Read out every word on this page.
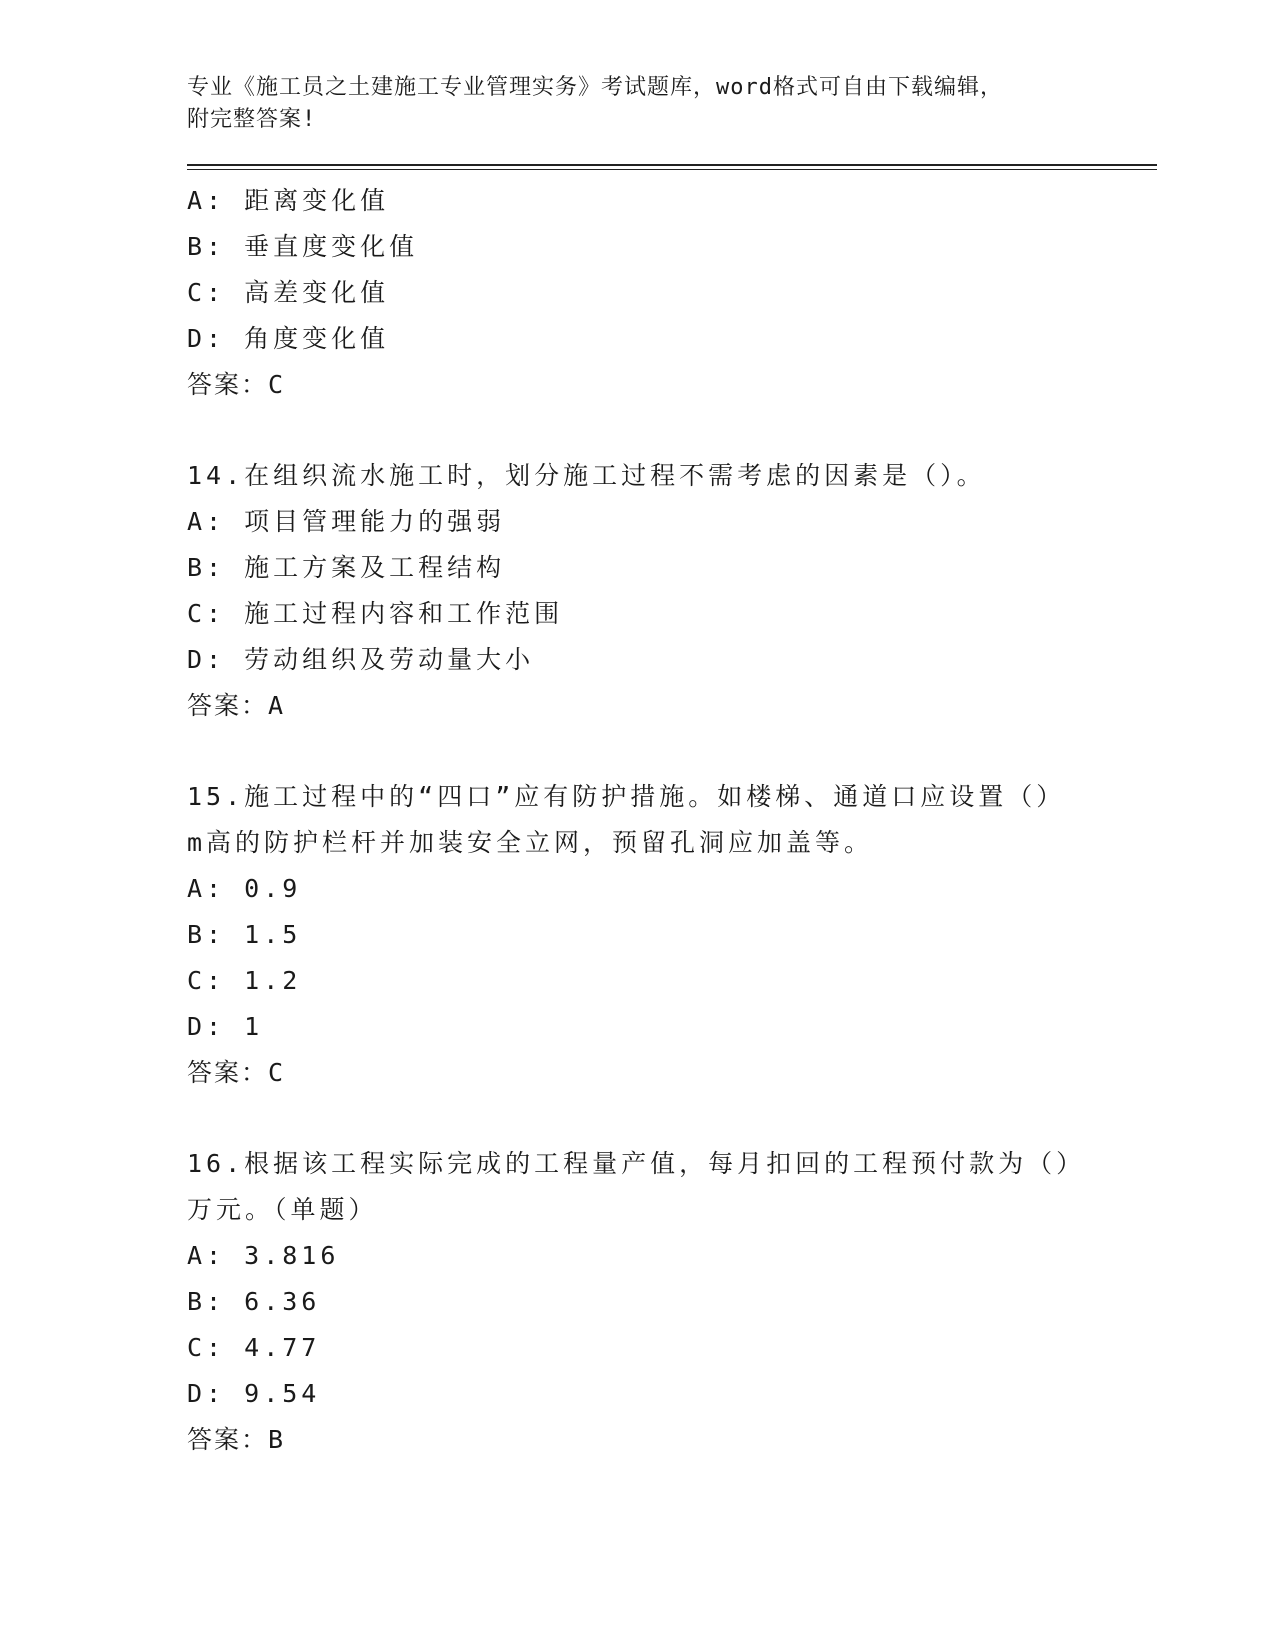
专业《施工员之土建施工专业管理实务》考试题库，word格式可自由下载编辑，
附完整答案!
A: 距离变化值
B: 垂直度变化值
C: 高差变化值
D: 角度变化值
答案：C
14.在组织流水施工时，划分施工过程不需考虑的因素是（）。
A: 项目管理能力的强弱
B: 施工方案及工程结构
C: 施工过程内容和工作范围
D: 劳动组织及劳动量大小
答案：A
15.施工过程中的“四口”应有防护措施。如楼梯、通道口应设置（）
m高的防护栏杆并加装安全立网，预留孔洞应加盖等。
A: 0.9
B: 1.5
C: 1.2
D: 1
答案：C
16.根据该工程实际完成的工程量产值，每月扣回的工程预付款为（）
万元。（单题）
A: 3.816
B: 6.36
C: 4.77
D: 9.54
答案：B
